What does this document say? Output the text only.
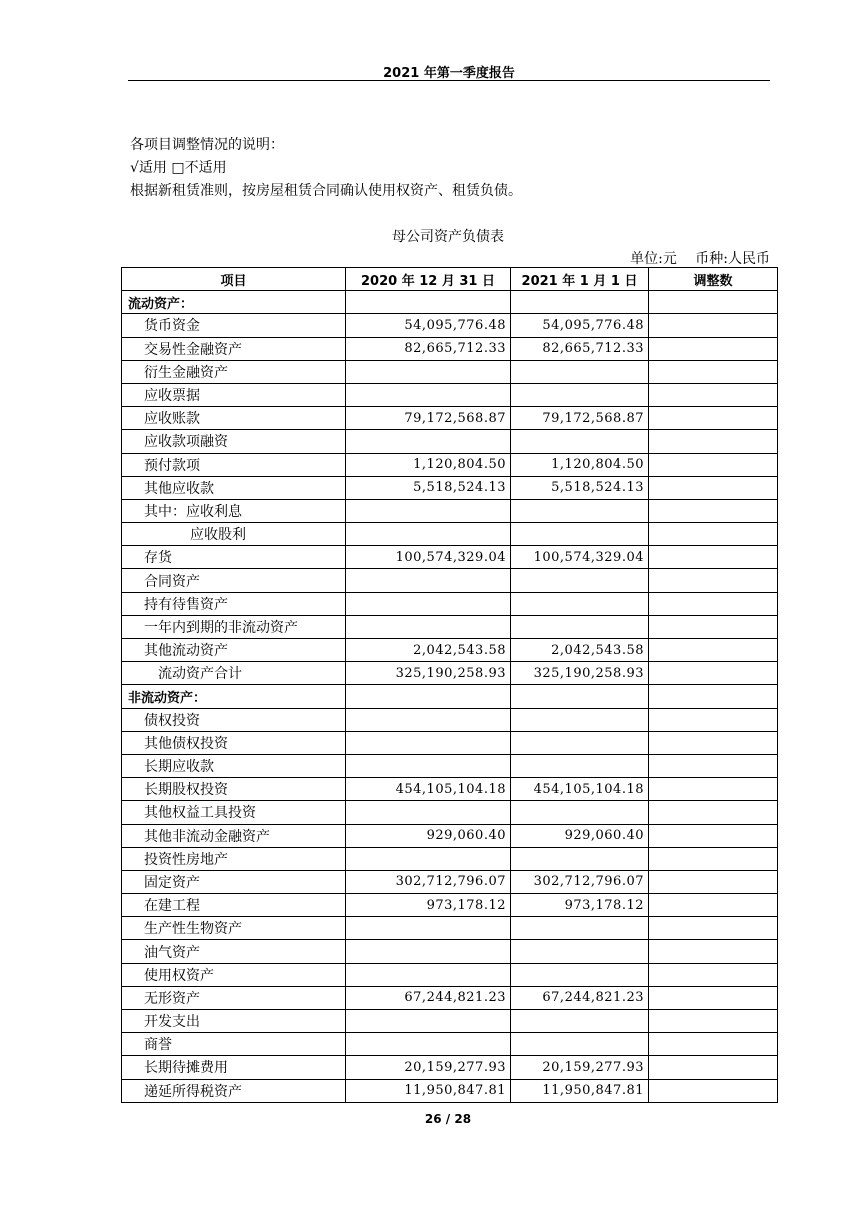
2021 年第一季度报告
各项目调整情况的说明：
√适用 □不适用
根据新租赁准则，按房屋租赁合同确认使用权资产、租赁负债。
母公司资产负债表
单位:元 币种:人民币
项目	2020 年 12 月 31 日	2021 年 1 月 1 日	调整数
流动资产：			
货币资金	54,095,776.48	54,095,776.48	
交易性金融资产	82,665,712.33	82,665,712.33	
衍生金融资产			
应收票据			
应收账款	79,172,568.87	79,172,568.87	
应收款项融资			
预付款项	1,120,804.50	1,120,804.50	
其他应收款	5,518,524.13	5,518,524.13	
其中：应收利息			
应收股利			
存货	100,574,329.04	100,574,329.04	
合同资产			
持有待售资产			
一年内到期的非流动资产			
其他流动资产	2,042,543.58	2,042,543.58	
流动资产合计	325,190,258.93	325,190,258.93	
非流动资产：			
债权投资			
其他债权投资			
长期应收款			
长期股权投资	454,105,104.18	454,105,104.18	
其他权益工具投资			
其他非流动金融资产	929,060.40	929,060.40	
投资性房地产			
固定资产	302,712,796.07	302,712,796.07	
在建工程	973,178.12	973,178.12	
生产性生物资产			
油气资产			
使用权资产			
无形资产	67,244,821.23	67,244,821.23	
开发支出			
商誉			
长期待摊费用	20,159,277.93	20,159,277.93	
递延所得税资产	11,950,847.81	11,950,847.81	
26 / 28
